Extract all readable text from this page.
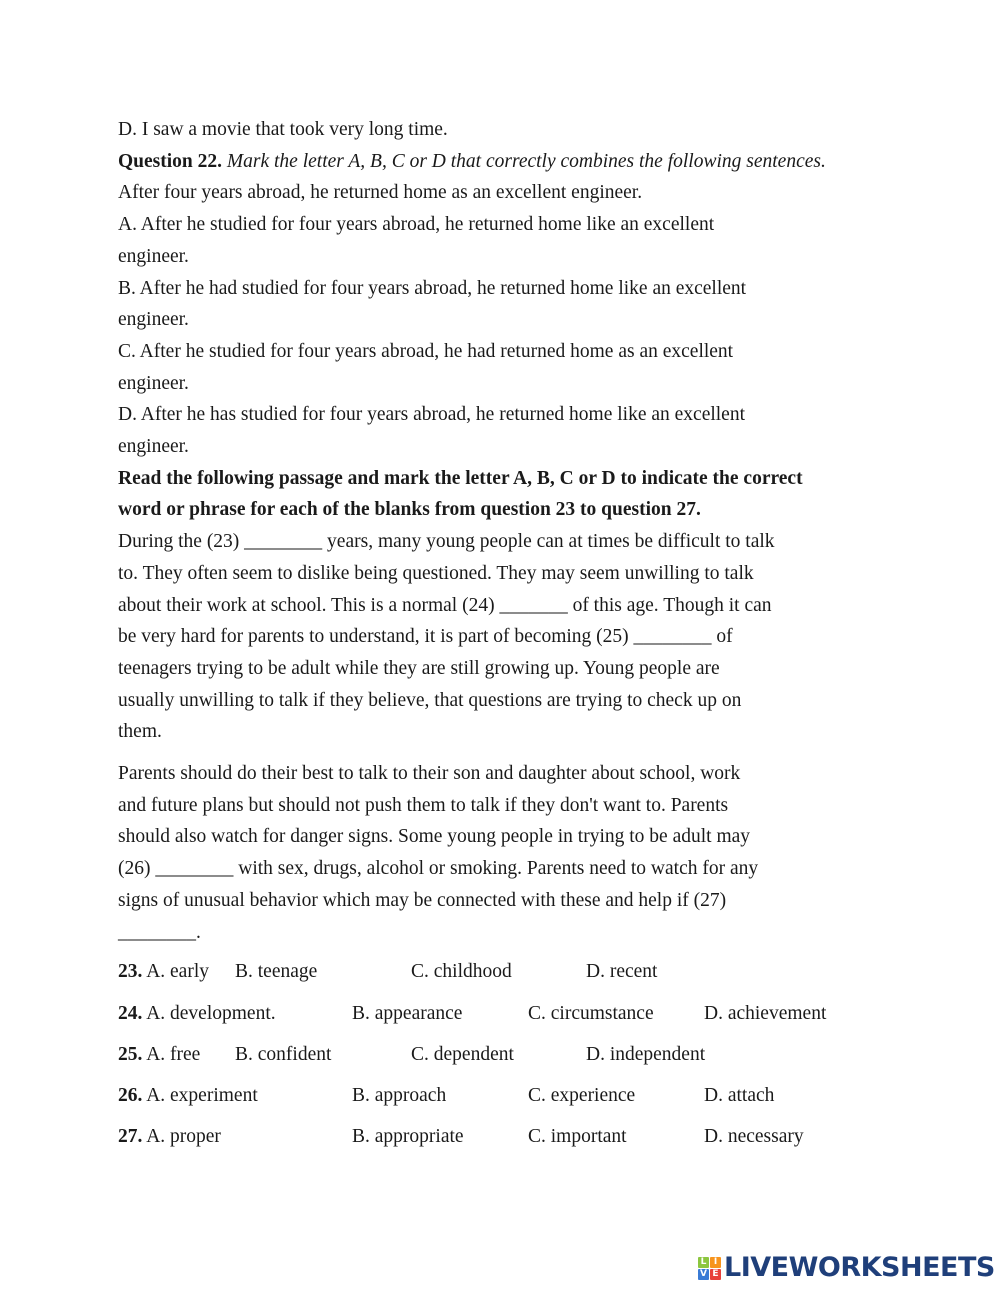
D. I saw a movie that took very long time.
Question 22. Mark the letter A, B, C or D that correctly combines the following sentences.
After four years abroad, he returned home as an excellent engineer.
A. After he studied for four years abroad, he returned home like an excellent
engineer.
B. After he had studied for four years abroad, he returned home like an excellent
engineer.
C. After he studied for four years abroad, he had returned home as an excellent
engineer.
D. After he has studied for four years abroad, he returned home like an excellent
engineer.
Read the following passage and mark the letter A, B, C or D to indicate the correct
word or phrase for each of the blanks from question 23 to question 27.
During the (23) ________ years, many young people can at times be difficult to talk
to. They often seem to dislike being questioned. They may seem unwilling to talk
about their work at school. This is a normal (24) _______ of this age. Though it can
be very hard for parents to understand, it is part of becoming (25) ________ of
teenagers trying to be adult while they are still growing up. Young people are
usually unwilling to talk if they believe, that questions are trying to check up on
them.
Parents should do their best to talk to their son and daughter about school, work
and future plans but should not push them to talk if they don't want to. Parents
should also watch for danger signs. Some young people in trying to be adult may
(26) ________ with sex, drugs, alcohol or smoking. Parents need to watch for any
signs of unusual behavior which may be connected with these and help if (27)
________.
23. A. early B. teenage	C. childhood	D. recent
24. A. development.	B. appearance	C. circumstance	D. achievement
25. A. free B. confident	C. dependent	D. independent
26. A. experiment	B. approach	C. experience	D. attach
27. A. proper	B. appropriate	C. important	D. necessary
L I
V E LIVEWORKSHEETS
